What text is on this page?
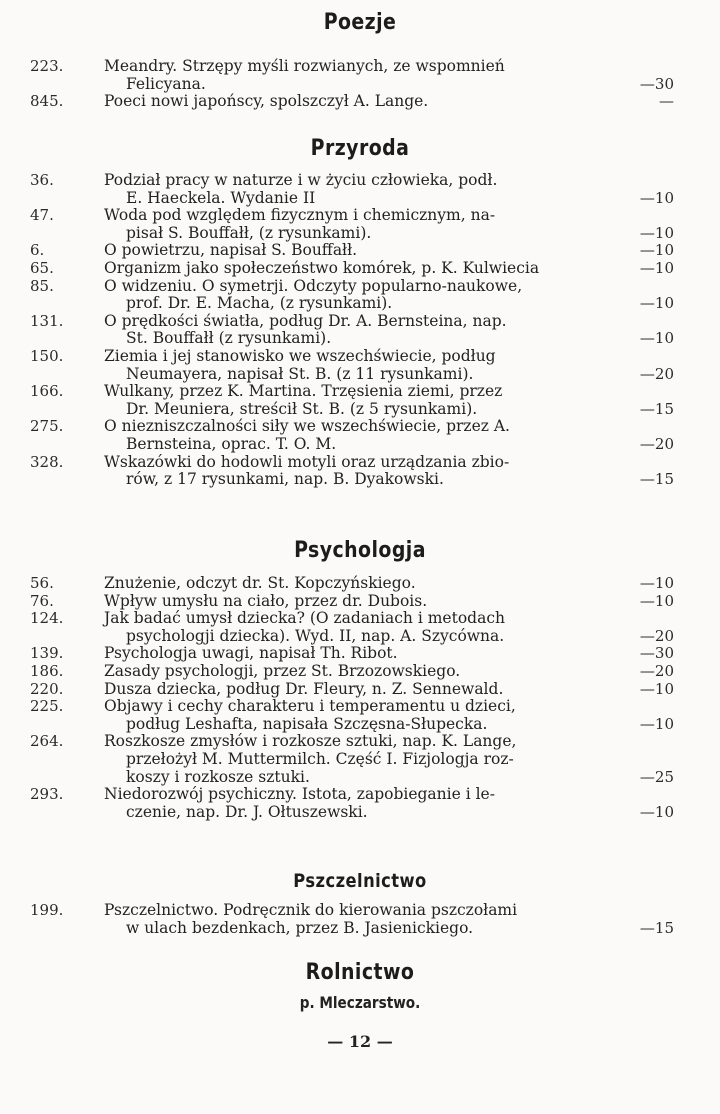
Poezje
223.	Meandry. Strzępy myśli rozwianych, ze wspomnień
Felicyana.	—30
845.	Poeci nowi japońscy, spolszczył A. Lange.	—
Przyroda
36.	Podział pracy w naturze i w życiu człowieka, podł.
E. Haeckela. Wydanie II	—10
47.	Woda pod względem fizycznym i chemicznym, na-
pisał S. Bouffałł, (z rysunkami).	—10
6.	O powietrzu, napisał S. Bouffałł.	—10
65.	Organizm jako społeczeństwo komórek, p. K. Kulwiecia	—10
85.	O widzeniu. O symetrji. Odczyty popularno-naukowe,
prof. Dr. E. Macha, (z rysunkami).	—10
131.	O prędkości światła, podług Dr. A. Bernsteina, nap.
St. Bouffałł (z rysunkami).	—10
150.	Ziemia i jej stanowisko we wszechświecie, podług
Neumayera, napisał St. B. (z 11 rysunkami).	—20
166.	Wulkany, przez K. Martina. Trzęsienia ziemi, przez
Dr. Meuniera, streścił St. B. (z 5 rysunkami).	—15
275.	O niezniszczalności siły we wszechświecie, przez A.
Bernsteina, oprac. T. O. M.	—20
328.	Wskazówki do hodowli motyli oraz urządzania zbio-
rów, z 17 rysunkami, nap. B. Dyakowski.	—15
Psychologja
56.	Znużenie, odczyt dr. St. Kopczyńskiego.	—10
76.	Wpływ umysłu na ciało, przez dr. Dubois.	—10
124.	Jak badać umysł dziecka? (O zadaniach i metodach
psychologji dziecka). Wyd. II, nap. A. Szycówna.	—20
139.	Psychologja uwagi, napisał Th. Ribot.	—30
186.	Zasady psychologji, przez St. Brzozowskiego.	—20
220.	Dusza dziecka, podług Dr. Fleury, n. Z. Sennewald.	—10
225.	Objawy i cechy charakteru i temperamentu u dzieci,
podług Leshafta, napisała Szczęsna-Słupecka.	—10
264.	Roszkosze zmysłów i rozkosze sztuki, nap. K. Lange,
przełożył M. Muttermilch. Część I. Fizjologja roz-
koszy i rozkosze sztuki.	—25
293.	Niedorozwój psychiczny. Istota, zapobieganie i le-
czenie, nap. Dr. J. Ołtuszewski.	—10
Pszczelnictwo
199.	Pszczelnictwo. Podręcznik do kierowania pszczołami
w ulach bezdenkach, przez B. Jasienickiego.	—15
Rolnictwo
p. Mleczarstwo.
— 12 —
